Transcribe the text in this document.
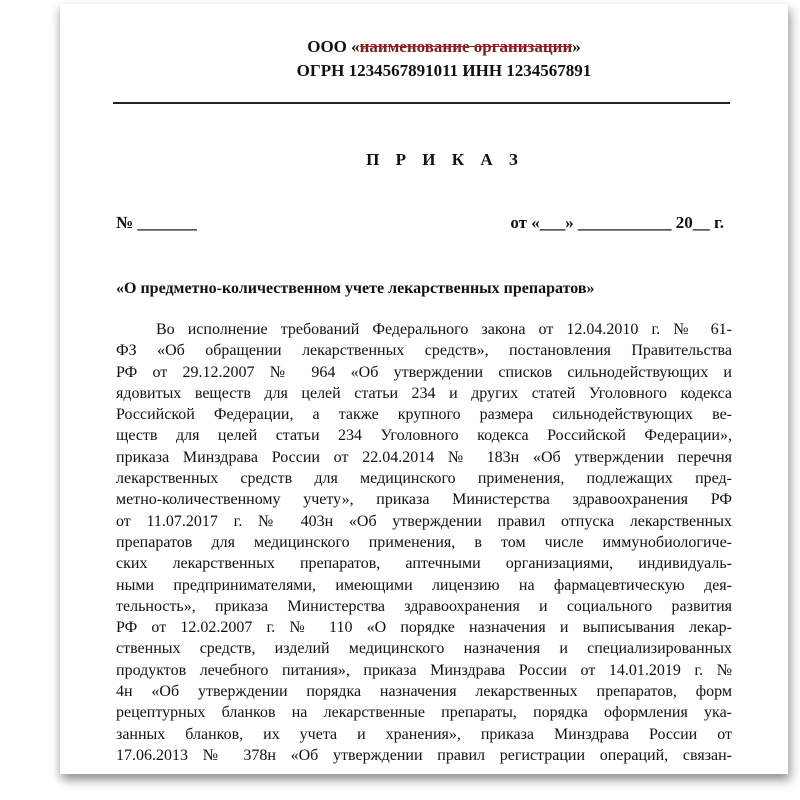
ООО «наименование организации»
ОГРН 1234567891011 ИНН 1234567891
П Р И К А З
№ _______	от «___» ___________ 20__ г.
«О предметно-количественном учете лекарственных препаратов»
Во исполнение требований Федерального закона от 12.04.2010 г. № 61-
ФЗ «Об обращении лекарственных средств», постановления Правительства
РФ от 29.12.2007 № 964 «Об утверждении списков сильнодействующих и
ядовитых веществ для целей статьи 234 и других статей Уголовного кодекса
Российской Федерации, а также крупного размера сильнодействующих ве-
ществ для целей статьи 234 Уголовного кодекса Российской Федерации»,
приказа Минздрава России от 22.04.2014 № 183н «Об утверждении перечня
лекарственных средств для медицинского применения, подлежащих пред-
метно-количественному учету», приказа Министерства здравоохранения РФ
от 11.07.2017 г. № 403н «Об утверждении правил отпуска лекарственных
препаратов для медицинского применения, в том числе иммунобиологиче-
ских лекарственных препаратов, аптечными организациями, индивидуаль-
ными предпринимателями, имеющими лицензию на фармацевтическую дея-
тельность», приказа Министерства здравоохранения и социального развития
РФ от 12.02.2007 г. № 110 «О порядке назначения и выписывания лекар-
ственных средств, изделий медицинского назначения и специализированных
продуктов лечебного питания», приказа Минздрава России от 14.01.2019 г. №
4н «Об утверждении порядка назначения лекарственных препаратов, форм
рецептурных бланков на лекарственные препараты, порядка оформления ука-
занных бланков, их учета и хранения», приказа Минздрава России от
17.06.2013 № 378н «Об утверждении правил регистрации операций, связан-
